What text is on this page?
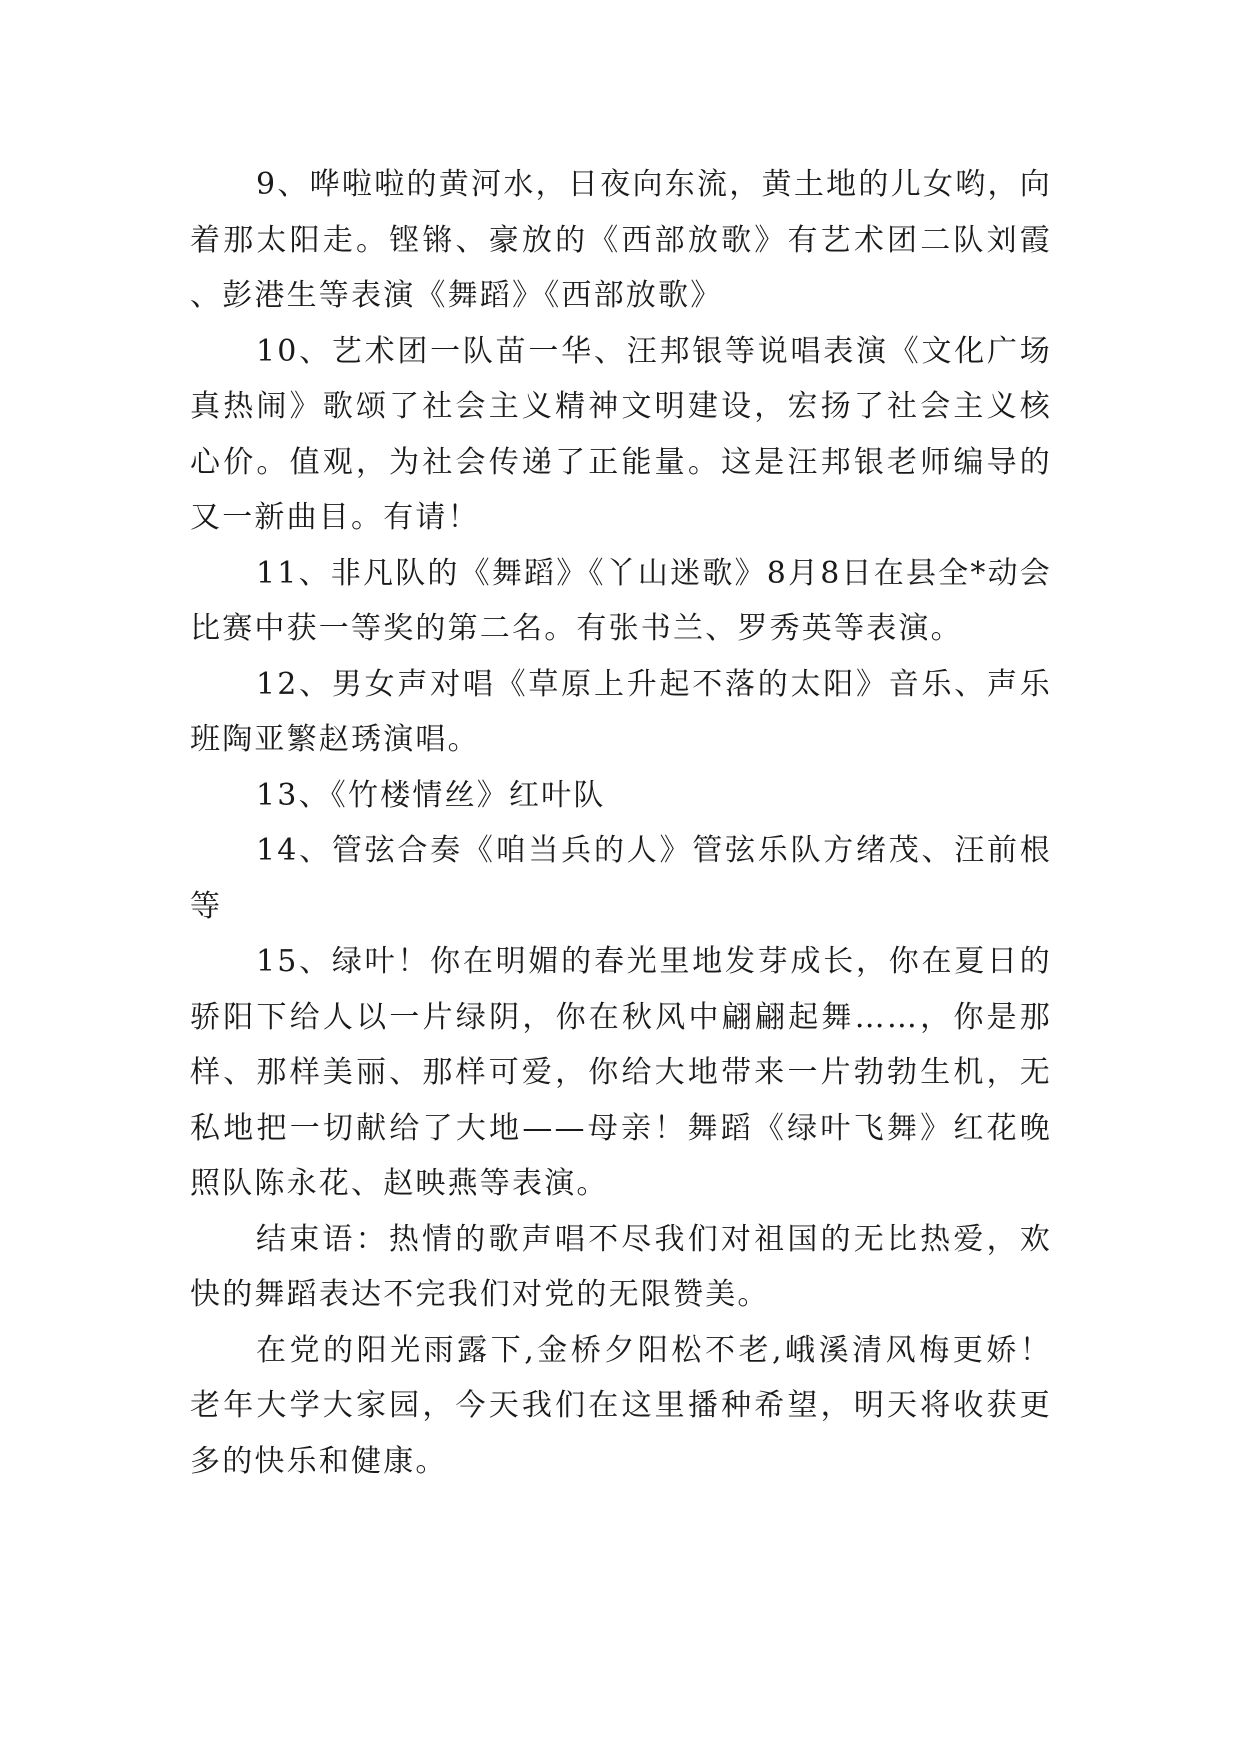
9、哗啦啦的黄河水，日夜向东流，黄土地的儿女哟，向着那太阳走。铿锵、豪放的《西部放歌》有艺术团二队刘霞、彭港生等表演《舞蹈》《西部放歌》

10、艺术团一队苗一华、汪邦银等说唱表演《文化广场真热闹》歌颂了社会主义精神文明建设，宏扬了社会主义核心价。值观，为社会传递了正能量。这是汪邦银老师编导的又一新曲目。有请！

11、非凡队的《舞蹈》《丫山迷歌》8月8日在县全*动会比赛中获一等奖的第二名。有张书兰、罗秀英等表演。

12、男女声对唱《草原上升起不落的太阳》音乐、声乐班陶亚繁赵琇演唱。

13、《竹楼情丝》红叶队

14、管弦合奏《咱当兵的人》管弦乐队方绪茂、汪前根等

15、绿叶！你在明媚的春光里地发芽成长，你在夏日的骄阳下给人以一片绿阴，你在秋风中翩翩起舞……，你是那样、那样美丽、那样可爱，你给大地带来一片勃勃生机，无私地把一切献给了大地——母亲！舞蹈《绿叶飞舞》红花晚照队陈永花、赵映燕等表演。

结束语：热情的歌声唱不尽我们对祖国的无比热爱，欢快的舞蹈表达不完我们对党的无限赞美。

在党的阳光雨露下,金桥夕阳松不老,峨溪清风梅更娇！老年大学大家园，今天我们在这里播种希望，明天将收获更多的快乐和健康。
